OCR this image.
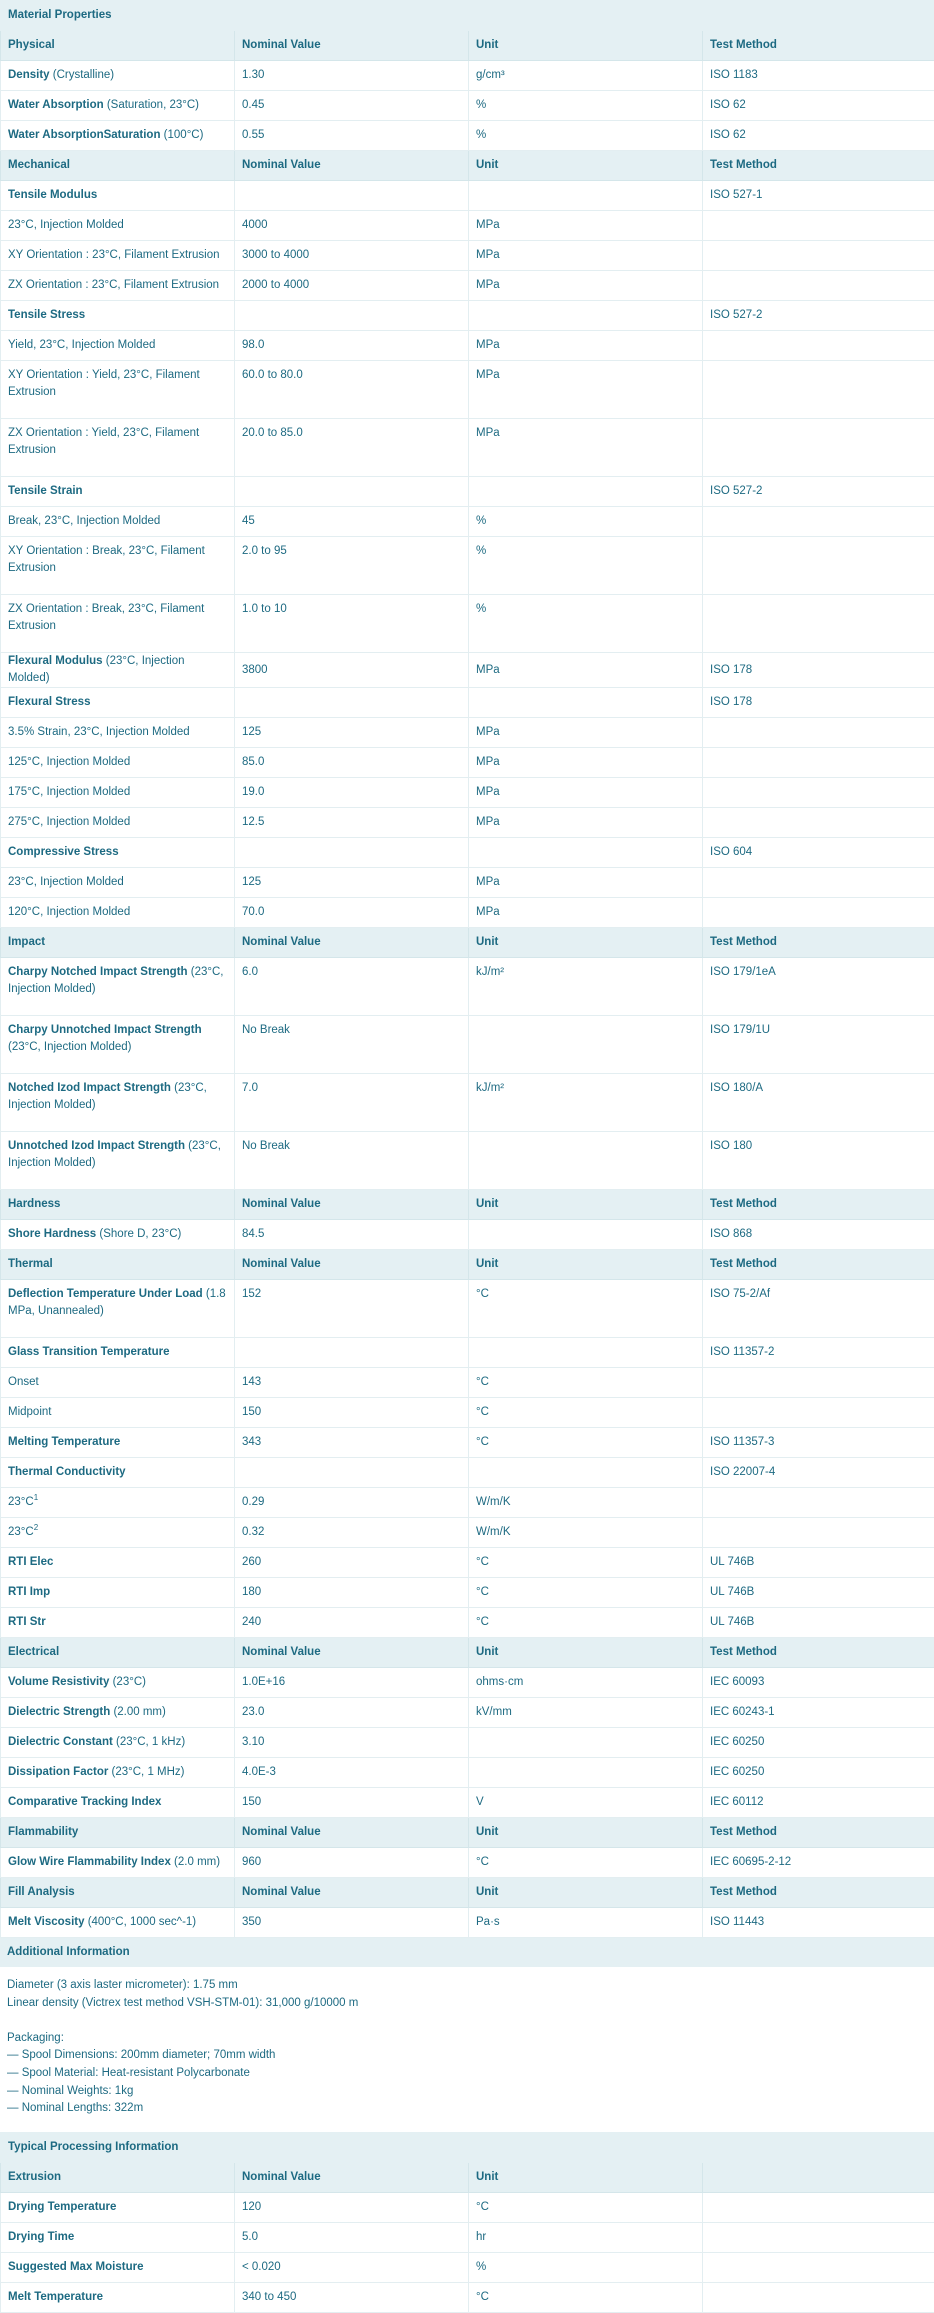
Material Properties			
Physical	Nominal Value	Unit	Test Method
Density (Crystalline)	1.30	g/cm³	ISO 1183
Water Absorption (Saturation, 23°C)	0.45	%	ISO 62
Water AbsorptionSaturation (100°C)	0.55	%	ISO 62
Mechanical	Nominal Value	Unit	Test Method
Tensile Modulus			ISO 527-1
23°C, Injection Molded	4000	MPa	
XY Orientation : 23°C, Filament Extrusion	3000 to 4000	MPa	
ZX Orientation : 23°C, Filament Extrusion	2000 to 4000	MPa	
Tensile Stress			ISO 527-2
Yield, 23°C, Injection Molded	98.0	MPa	
XY Orientation : Yield, 23°C, Filament Extrusion	60.0 to 80.0	MPa	
ZX Orientation : Yield, 23°C, Filament Extrusion	20.0 to 85.0	MPa	
Tensile Strain			ISO 527-2
Break, 23°C, Injection Molded	45	%	
XY Orientation : Break, 23°C, Filament Extrusion	2.0 to 95	%	
ZX Orientation : Break, 23°C, Filament Extrusion	1.0 to 10	%	
Flexural Modulus (23°C, Injection Molded)	3800	MPa	ISO 178
Flexural Stress			ISO 178
3.5% Strain, 23°C, Injection Molded	125	MPa	
125°C, Injection Molded	85.0	MPa	
175°C, Injection Molded	19.0	MPa	
275°C, Injection Molded	12.5	MPa	
Compressive Stress			ISO 604
23°C, Injection Molded	125	MPa	
120°C, Injection Molded	70.0	MPa	
Impact	Nominal Value	Unit	Test Method
Charpy Notched Impact Strength (23°C, Injection Molded)	6.0	kJ/m²	ISO 179/1eA
Charpy Unnotched Impact Strength (23°C, Injection Molded)	No Break		ISO 179/1U
Notched Izod Impact Strength (23°C, Injection Molded)	7.0	kJ/m²	ISO 180/A
Unnotched Izod Impact Strength (23°C, Injection Molded)	No Break		ISO 180
Hardness	Nominal Value	Unit	Test Method
Shore Hardness (Shore D, 23°C)	84.5		ISO 868
Thermal	Nominal Value	Unit	Test Method
Deflection Temperature Under Load (1.8 MPa, Unannealed)	152	°C	ISO 75-2/Af
Glass Transition Temperature			ISO 11357-2
Onset	143	°C	
Midpoint	150	°C	
Melting Temperature	343	°C	ISO 11357-3
Thermal Conductivity			ISO 22007-4
$23^\circ C^1$	0.29	W/m/K	
$23^\circ C^2$	0.32	W/m/K	
RTI Elec	260	°C	UL 746B
RTI Imp	180	°C	UL 746B
RTI Str	240	°C	UL 746B
Electrical	Nominal Value	Unit	Test Method
Volume Resistivity (23°C)	1.0E+16	ohms·cm	IEC 60093
Dielectric Strength (2.00 mm)	23.0	kV/mm	IEC 60243-1
Dielectric Constant (23°C, 1 kHz)	3.10		IEC 60250
Dissipation Factor (23°C, 1 MHz)	4.0E-3		IEC 60250
Comparative Tracking Index	150	V	IEC 60112
Flammability	Nominal Value	Unit	Test Method
Glow Wire Flammability Index (2.0 mm)	960	°C	IEC 60695-2-12
Fill Analysis	Nominal Value	Unit	Test Method
Melt Viscosity (400°C, 1000 sec^-1)	350	Pa·s	ISO 11443
Additional Information
Diameter (3 axis laster micrometer): 1.75 mm
Linear density (Victrex test method VSH-STM-01): 31,000 g/10000 m
Packaging:
— Spool Dimensions: 200mm diameter; 70mm width
— Spool Material: Heat-resistant Polycarbonate
— Nominal Weights: 1kg
— Nominal Lengths: 322m
Typical Processing Information			
Extrusion	Nominal Value	Unit	
Drying Temperature	120	°C	
Drying Time	5.0	hr	
Suggested Max Moisture	< 0.020	%	
Melt Temperature	340 to 450	°C	
